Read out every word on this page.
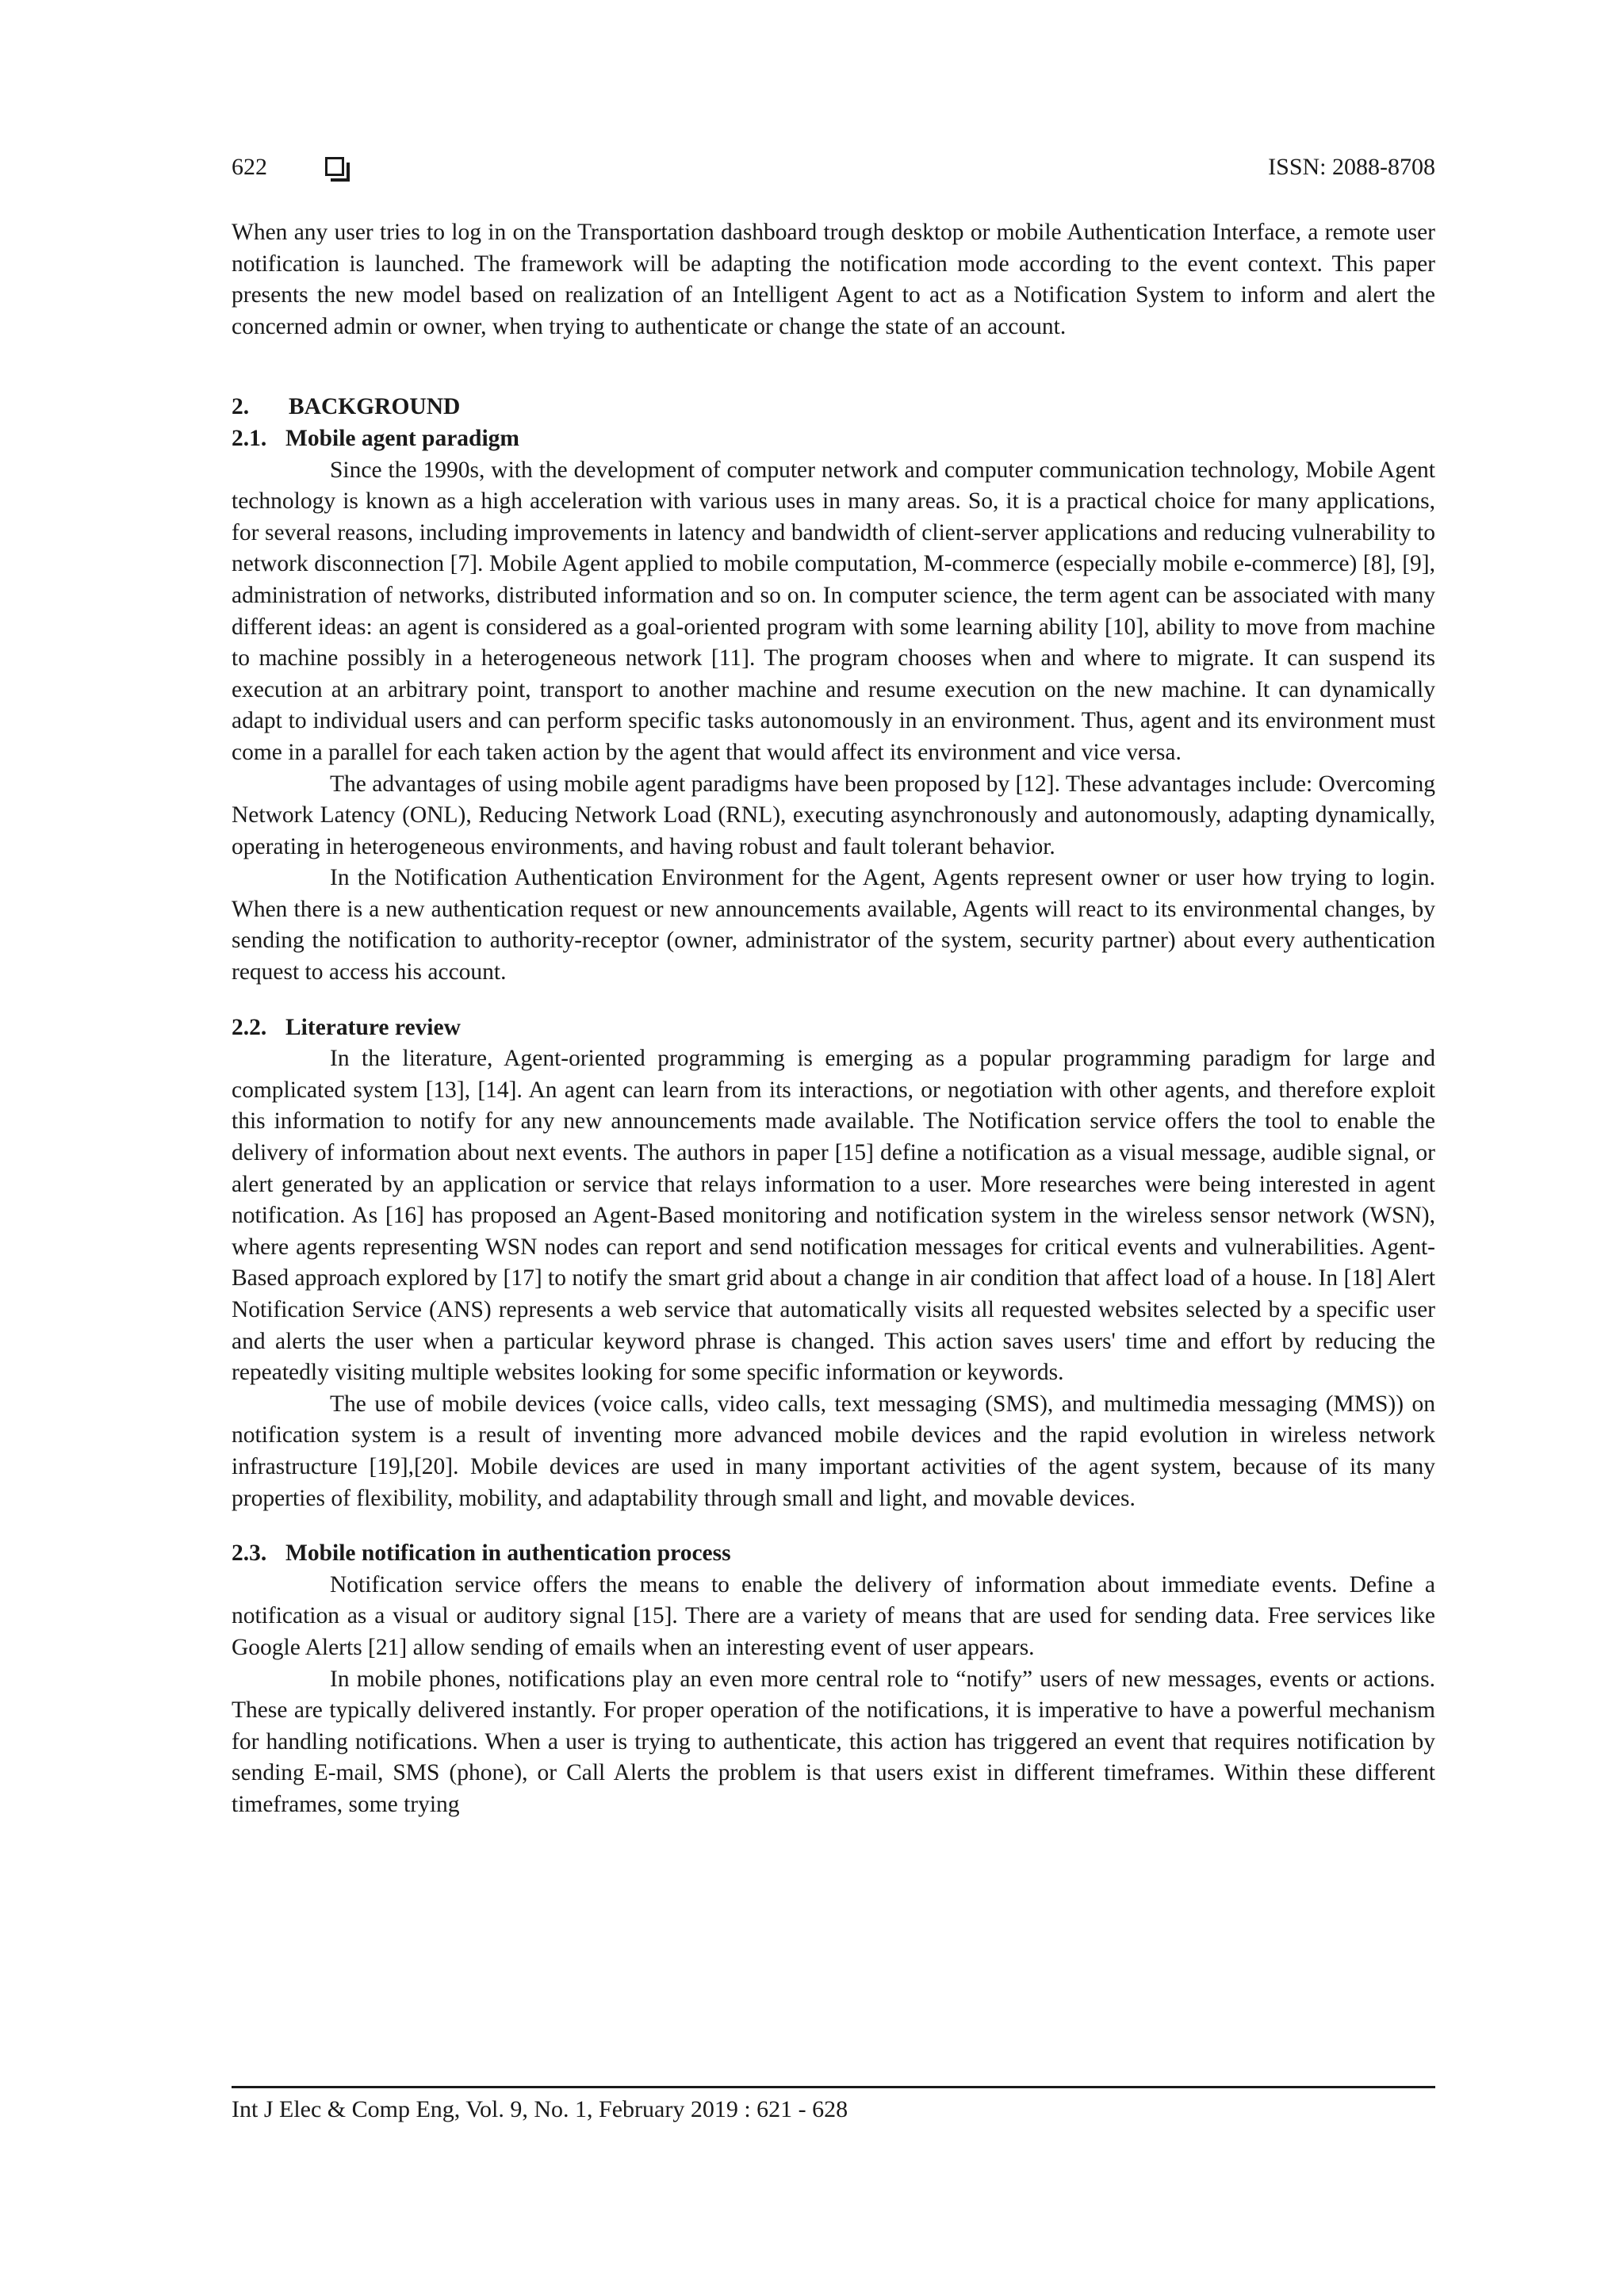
622	ISSN: 2088-8708

When any user tries to log in on the Transportation dashboard trough desktop or mobile Authentication Interface, a remote user notification is launched. The framework will be adapting the notification mode according to the event context. This paper presents the new model based on realization of an Intelligent Agent to act as a Notification System to inform and alert the concerned admin or owner, when trying to authenticate or change the state of an account.

2. BACKGROUND

2.1. Mobile agent paradigm

Since the 1990s, with the development of computer network and computer communication technology, Mobile Agent technology is known as a high acceleration with various uses in many areas. So, it is a practical choice for many applications, for several reasons, including improvements in latency and bandwidth of client-server applications and reducing vulnerability to network disconnection [7]. Mobile Agent applied to mobile computation, M-commerce (especially mobile e-commerce) [8], [9], administration of networks, distributed information and so on. In computer science, the term agent can be associated with many different ideas: an agent is considered as a goal-oriented program with some learning ability [10], ability to move from machine to machine possibly in a heterogeneous network [11]. The program chooses when and where to migrate. It can suspend its execution at an arbitrary point, transport to another machine and resume execution on the new machine. It can dynamically adapt to individual users and can perform specific tasks autonomously in an environment. Thus, agent and its environment must come in a parallel for each taken action by the agent that would affect its environment and vice versa.

The advantages of using mobile agent paradigms have been proposed by [12]. These advantages include: Overcoming Network Latency (ONL), Reducing Network Load (RNL), executing asynchronously and autonomously, adapting dynamically, operating in heterogeneous environments, and having robust and fault tolerant behavior.

In the Notification Authentication Environment for the Agent, Agents represent owner or user how trying to login. When there is a new authentication request or new announcements available, Agents will react to its environmental changes, by sending the notification to authority-receptor (owner, administrator of the system, security partner) about every authentication request to access his account.

2.2. Literature review

In the literature, Agent-oriented programming is emerging as a popular programming paradigm for large and complicated system [13], [14]. An agent can learn from its interactions, or negotiation with other agents, and therefore exploit this information to notify for any new announcements made available. The Notification service offers the tool to enable the delivery of information about next events. The authors in paper [15] define a notification as a visual message, audible signal, or alert generated by an application or service that relays information to a user. More researches were being interested in agent notification. As [16] has proposed an Agent-Based monitoring and notification system in the wireless sensor network (WSN), where agents representing WSN nodes can report and send notification messages for critical events and vulnerabilities. Agent-Based approach explored by [17] to notify the smart grid about a change in air condition that affect load of a house. In [18] Alert Notification Service (ANS) represents a web service that automatically visits all requested websites selected by a specific user and alerts the user when a particular keyword phrase is changed. This action saves users' time and effort by reducing the repeatedly visiting multiple websites looking for some specific information or keywords.

The use of mobile devices (voice calls, video calls, text messaging (SMS), and multimedia messaging (MMS)) on notification system is a result of inventing more advanced mobile devices and the rapid evolution in wireless network infrastructure [19],[20]. Mobile devices are used in many important activities of the agent system, because of its many properties of flexibility, mobility, and adaptability through small and light, and movable devices.

2.3. Mobile notification in authentication process

Notification service offers the means to enable the delivery of information about immediate events. Define a notification as a visual or auditory signal [15]. There are a variety of means that are used for sending data. Free services like Google Alerts [21] allow sending of emails when an interesting event of user appears.

In mobile phones, notifications play an even more central role to “notify” users of new messages, events or actions. These are typically delivered instantly. For proper operation of the notifications, it is imperative to have a powerful mechanism for handling notifications. When a user is trying to authenticate, this action has triggered an event that requires notification by sending E-mail, SMS (phone), or Call Alerts the problem is that users exist in different timeframes. Within these different timeframes, some trying

Int J Elec & Comp Eng, Vol. 9, No. 1, February 2019 : 621 - 628
